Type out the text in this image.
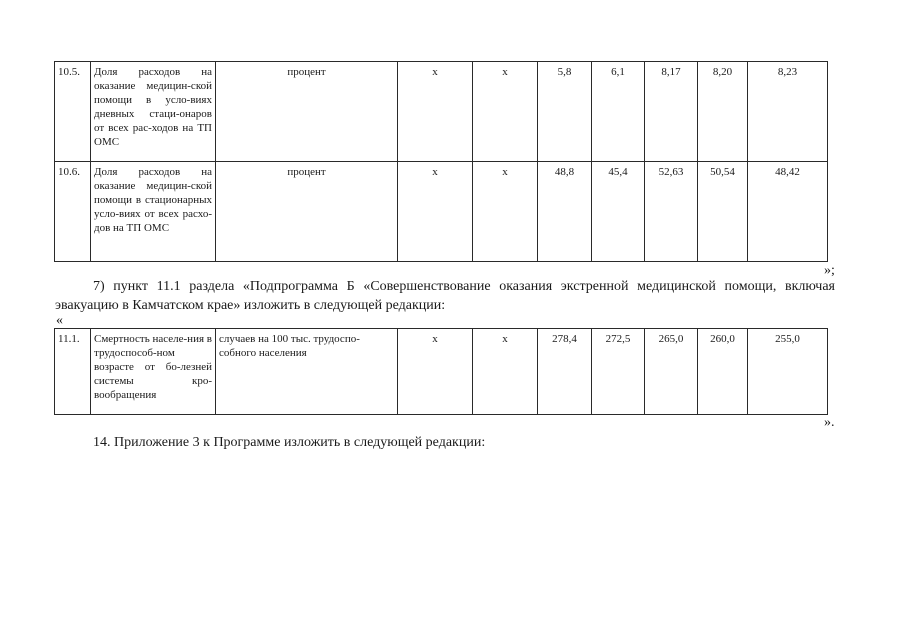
10.5.	Доля расходов на оказание медицин-ской помощи в усло-виях дневных стаци-онаров от всех рас-ходов на ТП ОМС	процент	x	x	5,8	6,1	8,17	8,20	8,23
10.6.	Доля расходов на оказание медицин-ской помощи в стационарных усло-виях от всех расхо-дов на ТП ОМС	процент	x	x	48,8	45,4	52,63	50,54	48,42
»;
7) пункт 11.1 раздела «Подпрограмма Б «Совершенствование оказания экстренной медицинской помощи, включая эвакуацию в Камчатском крае» изложить в следующей редакции:
«
11.1.	Смертность населе-ния в трудоспособ-ном возрасте от бо-лезней системы кро-вообращения	случаев на 100 тыс. трудоспо-собного населения	x	x	278,4	272,5	265,0	260,0	255,0
».
14. Приложение 3 к Программе изложить в следующей редакции:
